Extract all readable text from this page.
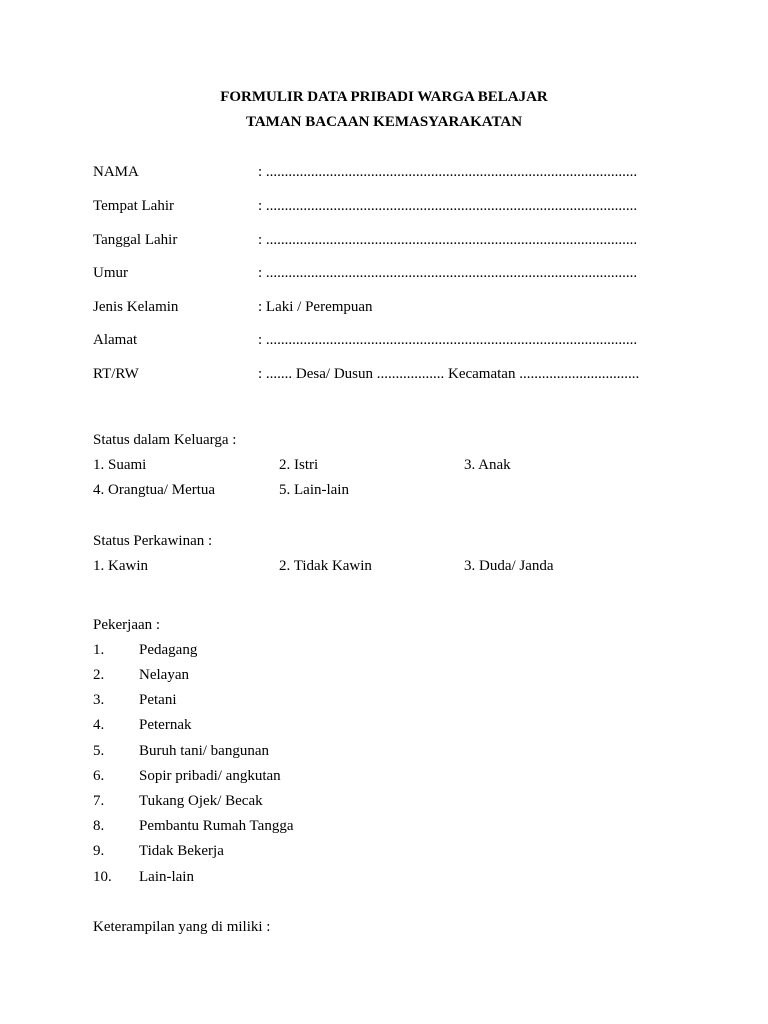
FORMULIR DATA PRIBADI WARGA BELAJAR
TAMAN BACAAN KEMASYARAKATAN
NAMA	: ...................................................................................................
Tempat Lahir	: ...................................................................................................
Tanggal Lahir	: ...................................................................................................
Umur	: ...................................................................................................
Jenis Kelamin	: Laki / Perempuan
Alamat	: ...................................................................................................
RT/RW	: ....... Desa/ Dusun .................. Kecamatan ................................
Status dalam Keluarga :
1. Suami	2. Istri	3. Anak
4. Orangtua/ Mertua	5. Lain-lain
Status Perkawinan :
1. Kawin	2. Tidak Kawin	3. Duda/ Janda
Pekerjaan :
1. Pedagang
2. Nelayan
3. Petani
4. Peternak
5. Buruh tani/ bangunan
6. Sopir pribadi/ angkutan
7. Tukang Ojek/ Becak
8. Pembantu Rumah Tangga
9. Tidak Bekerja
10. Lain-lain
Keterampilan yang di miliki :
